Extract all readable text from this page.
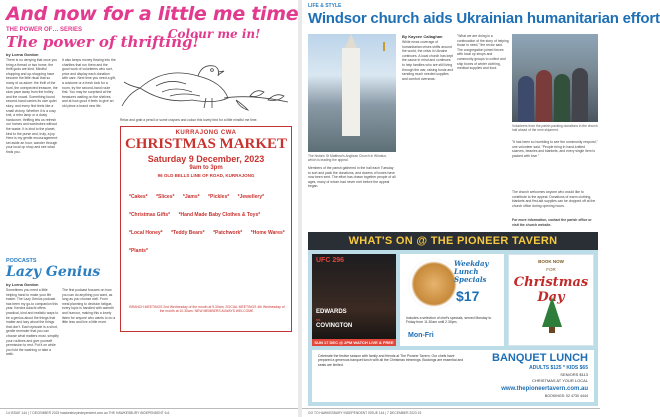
And now for a little me time
THE POWER OF… SERIES
The power of thrifting!
by Lorna Gordon
There is no denying that once you bring a thread or two home, the thrift gods are kind. Mindful shopping and op-shopping have become the little ritual that so many of us adore: the thrill of the hunt, the unexpected treasure, the slow pace away from the trolley and the crowd. Something found second-hand carries its own quiet story, and every find feels like a small victory. Whether it is a cosy knit, a retro lamp or a dusty hardcover, thrifting lets us refresh our homes and wardrobes without the waste. It is kind to the planet, kind to the purse and, truly, a joy. Here is my gentle encouragement: set aside an hour, wander through your local op shop and see what finds you.
It also keeps money flowing into the charities that run them and the good work of volunteers who sort, price and display each donation with care. Next time you need a gift, a costume or a fresh look for a room, try the second-hand route first. You may be surprised at the treasures waiting on the shelves, and at how good it feels to give an old piece a brand new life.
Colour me in!
Relax and grab a pencil or some crayons and colour this lovely bird for a little mindful me time.
KURRAJONG CWA
CHRISTMAS MARKET
Saturday 9 December, 2023
9am to 3pm
96 OLD BELLS LINE OF ROAD, KURRAJONG
*Cakes* *Slices* *Jams* *Pickles* *Jewellery* *Christmas Gifts* *Hand Made Baby Clothes & Toys* *Local Honey* *Teddy Bears* *Patchwork* *Home Wares* *Plants*
BRANCH MEETINGS 2nd Wednesday of the month at 9.30am. SOCIAL MEETINGS 4th Wednesday of the month at 10.30am. NEW MEMBERS ALWAYS WELCOME.
PODCASTS
Lazy Genius
by Lorna Gordon
Sometimes you need a little helping hand to make your life easier. The Lazy Genius podcast has been my go-to companion this year. Kendra Adachi offers practical, kind and realistic ways to be a genius about the things that matter and lazy about the things that don't. Each episode is a short, gentle reminder that you can choose what matters most, simplify your routines and give yourself permission to rest. Put it on while you fold the washing or take a walk.
The first podcast focuses on how you can do anything you want, as long as you choose well. From meal planning to decision fatigue, every topic is handled with warmth and humour, making this a lovely listen for anyone who wants to do a little less and live a little more.
14 ISSUE 144 | 7 DECEMBER 2023 hawkesburyindependent.com.au THE HAWKESBURY INDEPENDENT 6-6
LIFE & STYLE
Windsor church aids Ukrainian humanitarian effort
The historic St Matthew's Anglican Church in Windsor, which is leading the appeal.
By Kaycee Callaghan
While news coverage of humanitarian crises shifts around the world, the crisis in Ukraine continues. A local church has kept the cause in mind and continues to help families who are still living through the war, raising funds and sending much needed supplies and comfort overseas.
"What we are doing is a continuation of the story of helping those in need," the rector said. The congregation joined forces with local op shops and community groups to collect and ship boxes of winter clothing, medical supplies and food.
Members of the parish gathered in the hall each Tuesday to sort and pack the donations, and dozens of boxes have now been sent. The effort has drawn together people of all ages, many of whom had never met before the appeal began.
Volunteers from the parish packing donations in the church hall ahead of the next shipment.
"It has been so humbling to see the community respond," one volunteer said. "People bring in hand-knitted scarves, beanies and blankets, and every single item is packed with love."
The church welcomes anyone who would like to contribute to the appeal. Donations of warm clothing, blankets and first-aid supplies can be dropped off at the church office during opening hours.
For more information, contact the parish office or visit the church website.
WHAT'S ON @ THE PIONEER TAVERN
UFC 296
EDWARDS
vs
COVINGTON
SUN 17 DEC @ 2PM WATCH LIVE & FREE
Weekday Lunch Specials
$17
Includes a selection of chef's specials, served Monday to Friday from 11.30am until 2.30pm.
Mon-Fri
BOOK NOW
FOR
Christmas Day
Celebrate the festive season with family and friends at The Pioneer Tavern. Our chefs have prepared a generous banquet lunch with all the Christmas trimmings. Bookings are essential and seats are limited.
BANQUET LUNCH
ADULTS $125 * KIDS $65
SENIORS $113
CHRISTMAS AT YOUR LOCAL
www.thepioneertavern.com.au
BOOKINGS: 02 4730 4444
GO TO HAWKESBURY INDEPENDENT ISSUE 144 | 7 DECEMBER 2023 15
